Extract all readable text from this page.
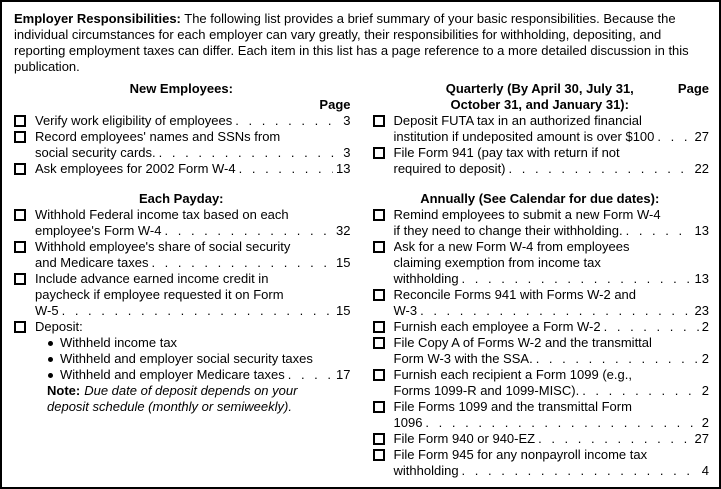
Employer Responsibilities: The following list provides a brief summary of your basic responsibilities. Because the individual circumstances for each employer can vary greatly, their responsibilities for withholding, depositing, and reporting employment taxes can differ. Each item in this list has a page reference to a more detailed discussion in this publication.
New Employees:
Page
Verify work eligibility of employees . . .	3
Record employees' names and SSNs from
social security cards. . . .	3
Ask employees for 2002 Form W-4 . . .	13
Each Payday:
Withhold Federal income tax based on each
employee's Form W-4 . . .	32
Withhold employee's share of social security
and Medicare taxes . . .	15
Include advance earned income credit in
paycheck if employee requested it on Form
W-5 . . .	15
Deposit:
Withheld income tax
Withheld and employer social security taxes
Withheld and employer Medicare taxes . . .	17
Note: Due date of deposit depends on your
deposit schedule (monthly or semiweekly).
Quarterly (By April 30, July 31,
October 31, and January 31):
Page
Deposit FUTA tax in an authorized financial
institution if undeposited amount is over $100 . . .	27
File Form 941 (pay tax with return if not
required to deposit) . . .	22
Annually (See Calendar for due dates):
Remind employees to submit a new Form W-4
if they need to change their withholding. . . .	13
Ask for a new Form W-4 from employees
claiming exemption from income tax
withholding . . .	13
Reconcile Forms 941 with Forms W-2 and
W-3 . . .	23
Furnish each employee a Form W-2 . . .	2
File Copy A of Forms W-2 and the transmittal
Form W-3 with the SSA. . . .	2
Furnish each recipient a Form 1099 (e.g.,
Forms 1099-R and 1099-MISC). . . .	2
File Forms 1099 and the transmittal Form
1096 . . .	2
File Form 940 or 940-EZ . . .	27
File Form 945 for any nonpayroll income tax
withholding . . .	4
